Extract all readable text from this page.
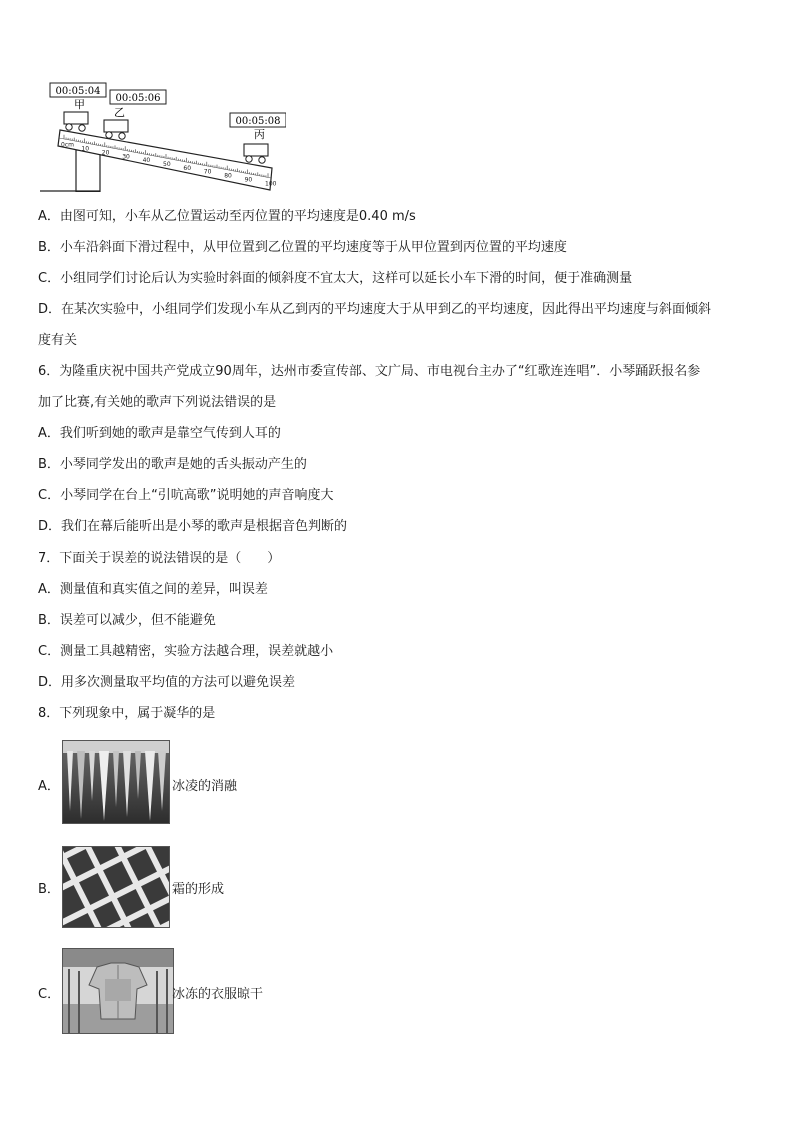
0cm
10
20
30
40
50
60
70
80
90
100
00:05:04
00:05:06
00:05:08
甲
乙
丙
A．由图可知，小车从乙位置运动至丙位置的平均速度是0.40 m/s
B．小车沿斜面下滑过程中，从甲位置到乙位置的平均速度等于从甲位置到丙位置的平均速度
C．小组同学们讨论后认为实验时斜面的倾斜度不宜太大，这样可以延长小车下滑的时间，便于准确测量
D．在某次实验中，小组同学们发现小车从乙到丙的平均速度大于从甲到乙的平均速度，因此得出平均速度与斜面倾斜
度有关
6．为隆重庆祝中国共产党成立90周年，达州市委宣传部、文广局、市电视台主办了“红歌连连唱”．小琴踊跃报名参
加了比赛,有关她的歌声下列说法错误的是
A．我们听到她的歌声是靠空气传到人耳的
B．小琴同学发出的歌声是她的舌头振动产生的
C．小琴同学在台上“引吭高歌”说明她的声音响度大
D．我们在幕后能听出是小琴的歌声是根据音色判断的
7．下面关于误差的说法错误的是（　　）
A．测量值和真实值之间的差异，叫误差
B．误差可以减少，但不能避免
C．测量工具越精密，实验方法越合理，误差就越小
D．用多次测量取平均值的方法可以避免误差
8．下列现象中，属于凝华的是
A．	冰凌的消融
B．	霜的形成
C．	冰冻的衣服晾干
